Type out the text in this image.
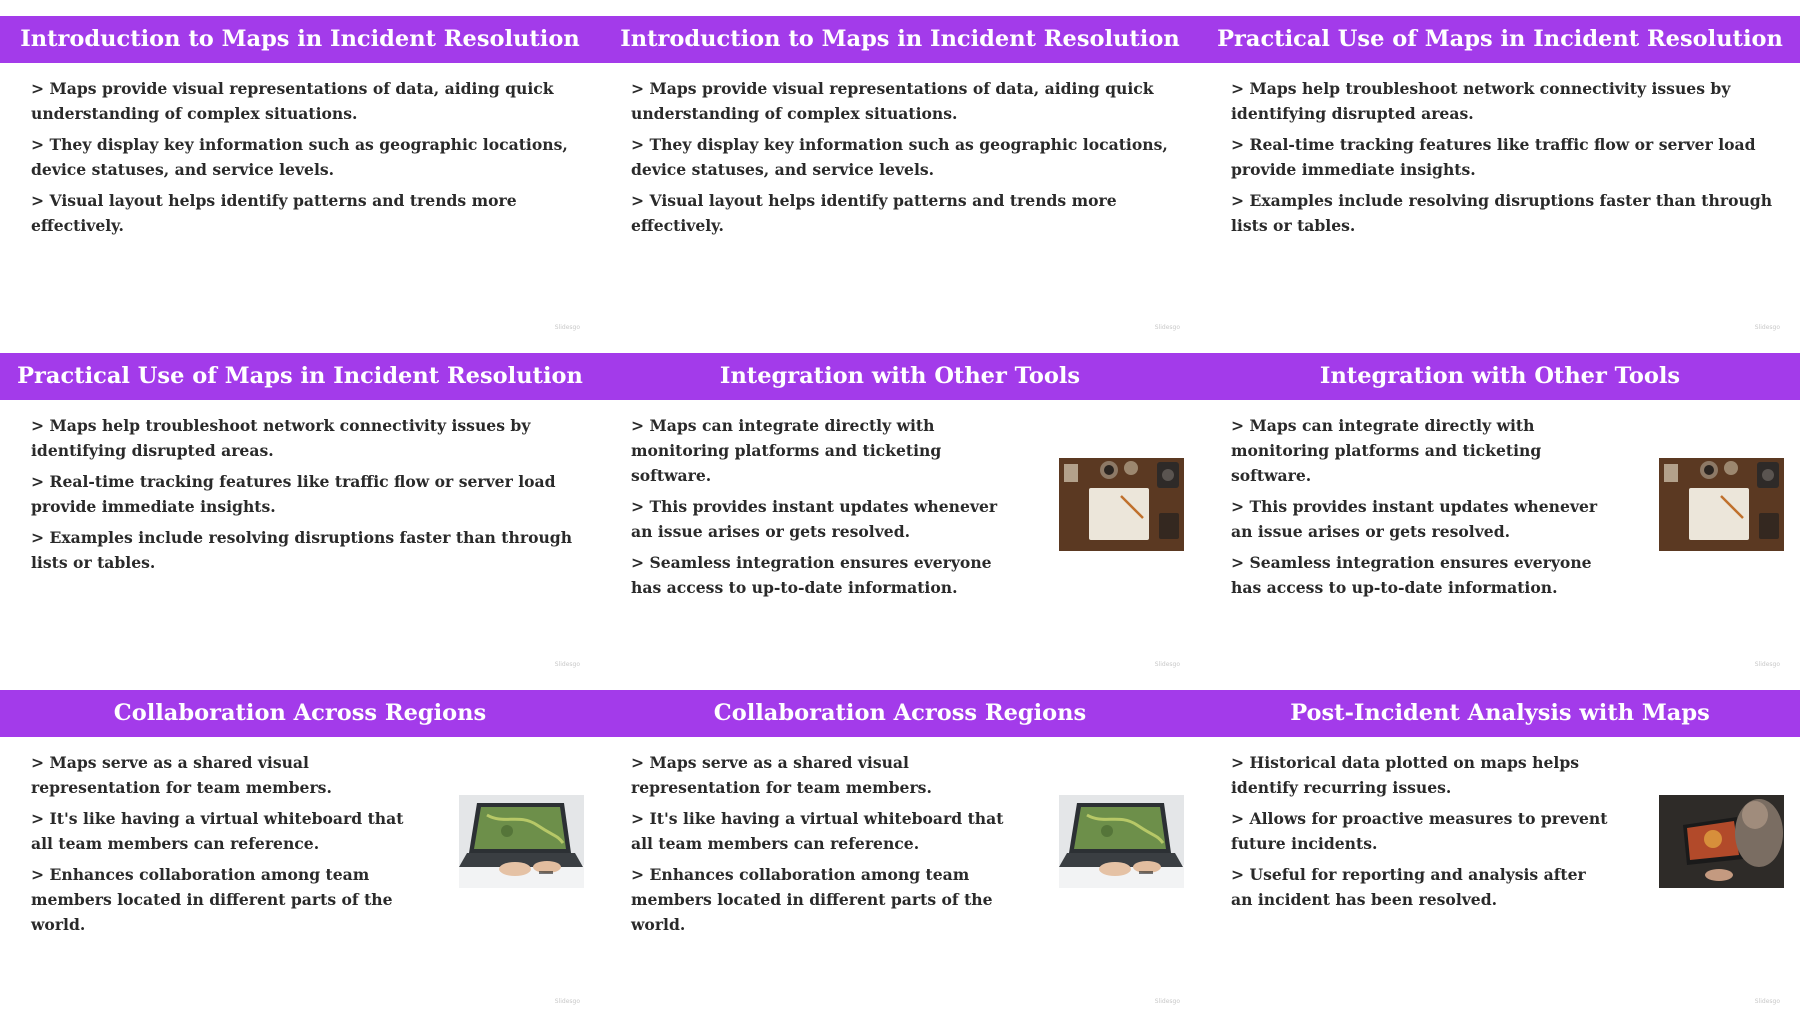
Introduction to Maps in Incident Resolution
> Maps provide visual representations of data, aiding quick understanding of complex situations.
> They display key information such as geographic locations, device statuses, and service levels.
> Visual layout helps identify patterns and trends more effectively.
Slidesgo
Introduction to Maps in Incident Resolution
> Maps provide visual representations of data, aiding quick understanding of complex situations.
> They display key information such as geographic locations, device statuses, and service levels.
> Visual layout helps identify patterns and trends more effectively.
Slidesgo
Practical Use of Maps in Incident Resolution
> Maps help troubleshoot network connectivity issues by identifying disrupted areas.
> Real-time tracking features like traffic flow or server load provide immediate insights.
> Examples include resolving disruptions faster than through lists or tables.
Slidesgo
Practical Use of Maps in Incident Resolution
> Maps help troubleshoot network connectivity issues by identifying disrupted areas.
> Real-time tracking features like traffic flow or server load provide immediate insights.
> Examples include resolving disruptions faster than through lists or tables.
Slidesgo
Integration with Other Tools
> Maps can integrate directly with monitoring platforms and ticketing software.
> This provides instant updates whenever an issue arises or gets resolved.
> Seamless integration ensures everyone has access to up-to-date information.
Slidesgo
Integration with Other Tools
> Maps can integrate directly with monitoring platforms and ticketing software.
> This provides instant updates whenever an issue arises or gets resolved.
> Seamless integration ensures everyone has access to up-to-date information.
Slidesgo
Collaboration Across Regions
> Maps serve as a shared visual representation for team members.
> It's like having a virtual whiteboard that all team members can reference.
> Enhances collaboration among team members located in different parts of the world.
Slidesgo
Collaboration Across Regions
> Maps serve as a shared visual representation for team members.
> It's like having a virtual whiteboard that all team members can reference.
> Enhances collaboration among team members located in different parts of the world.
Slidesgo
Post-Incident Analysis with Maps
> Historical data plotted on maps helps identify recurring issues.
> Allows for proactive measures to prevent future incidents.
> Useful for reporting and analysis after an incident has been resolved.
Slidesgo
